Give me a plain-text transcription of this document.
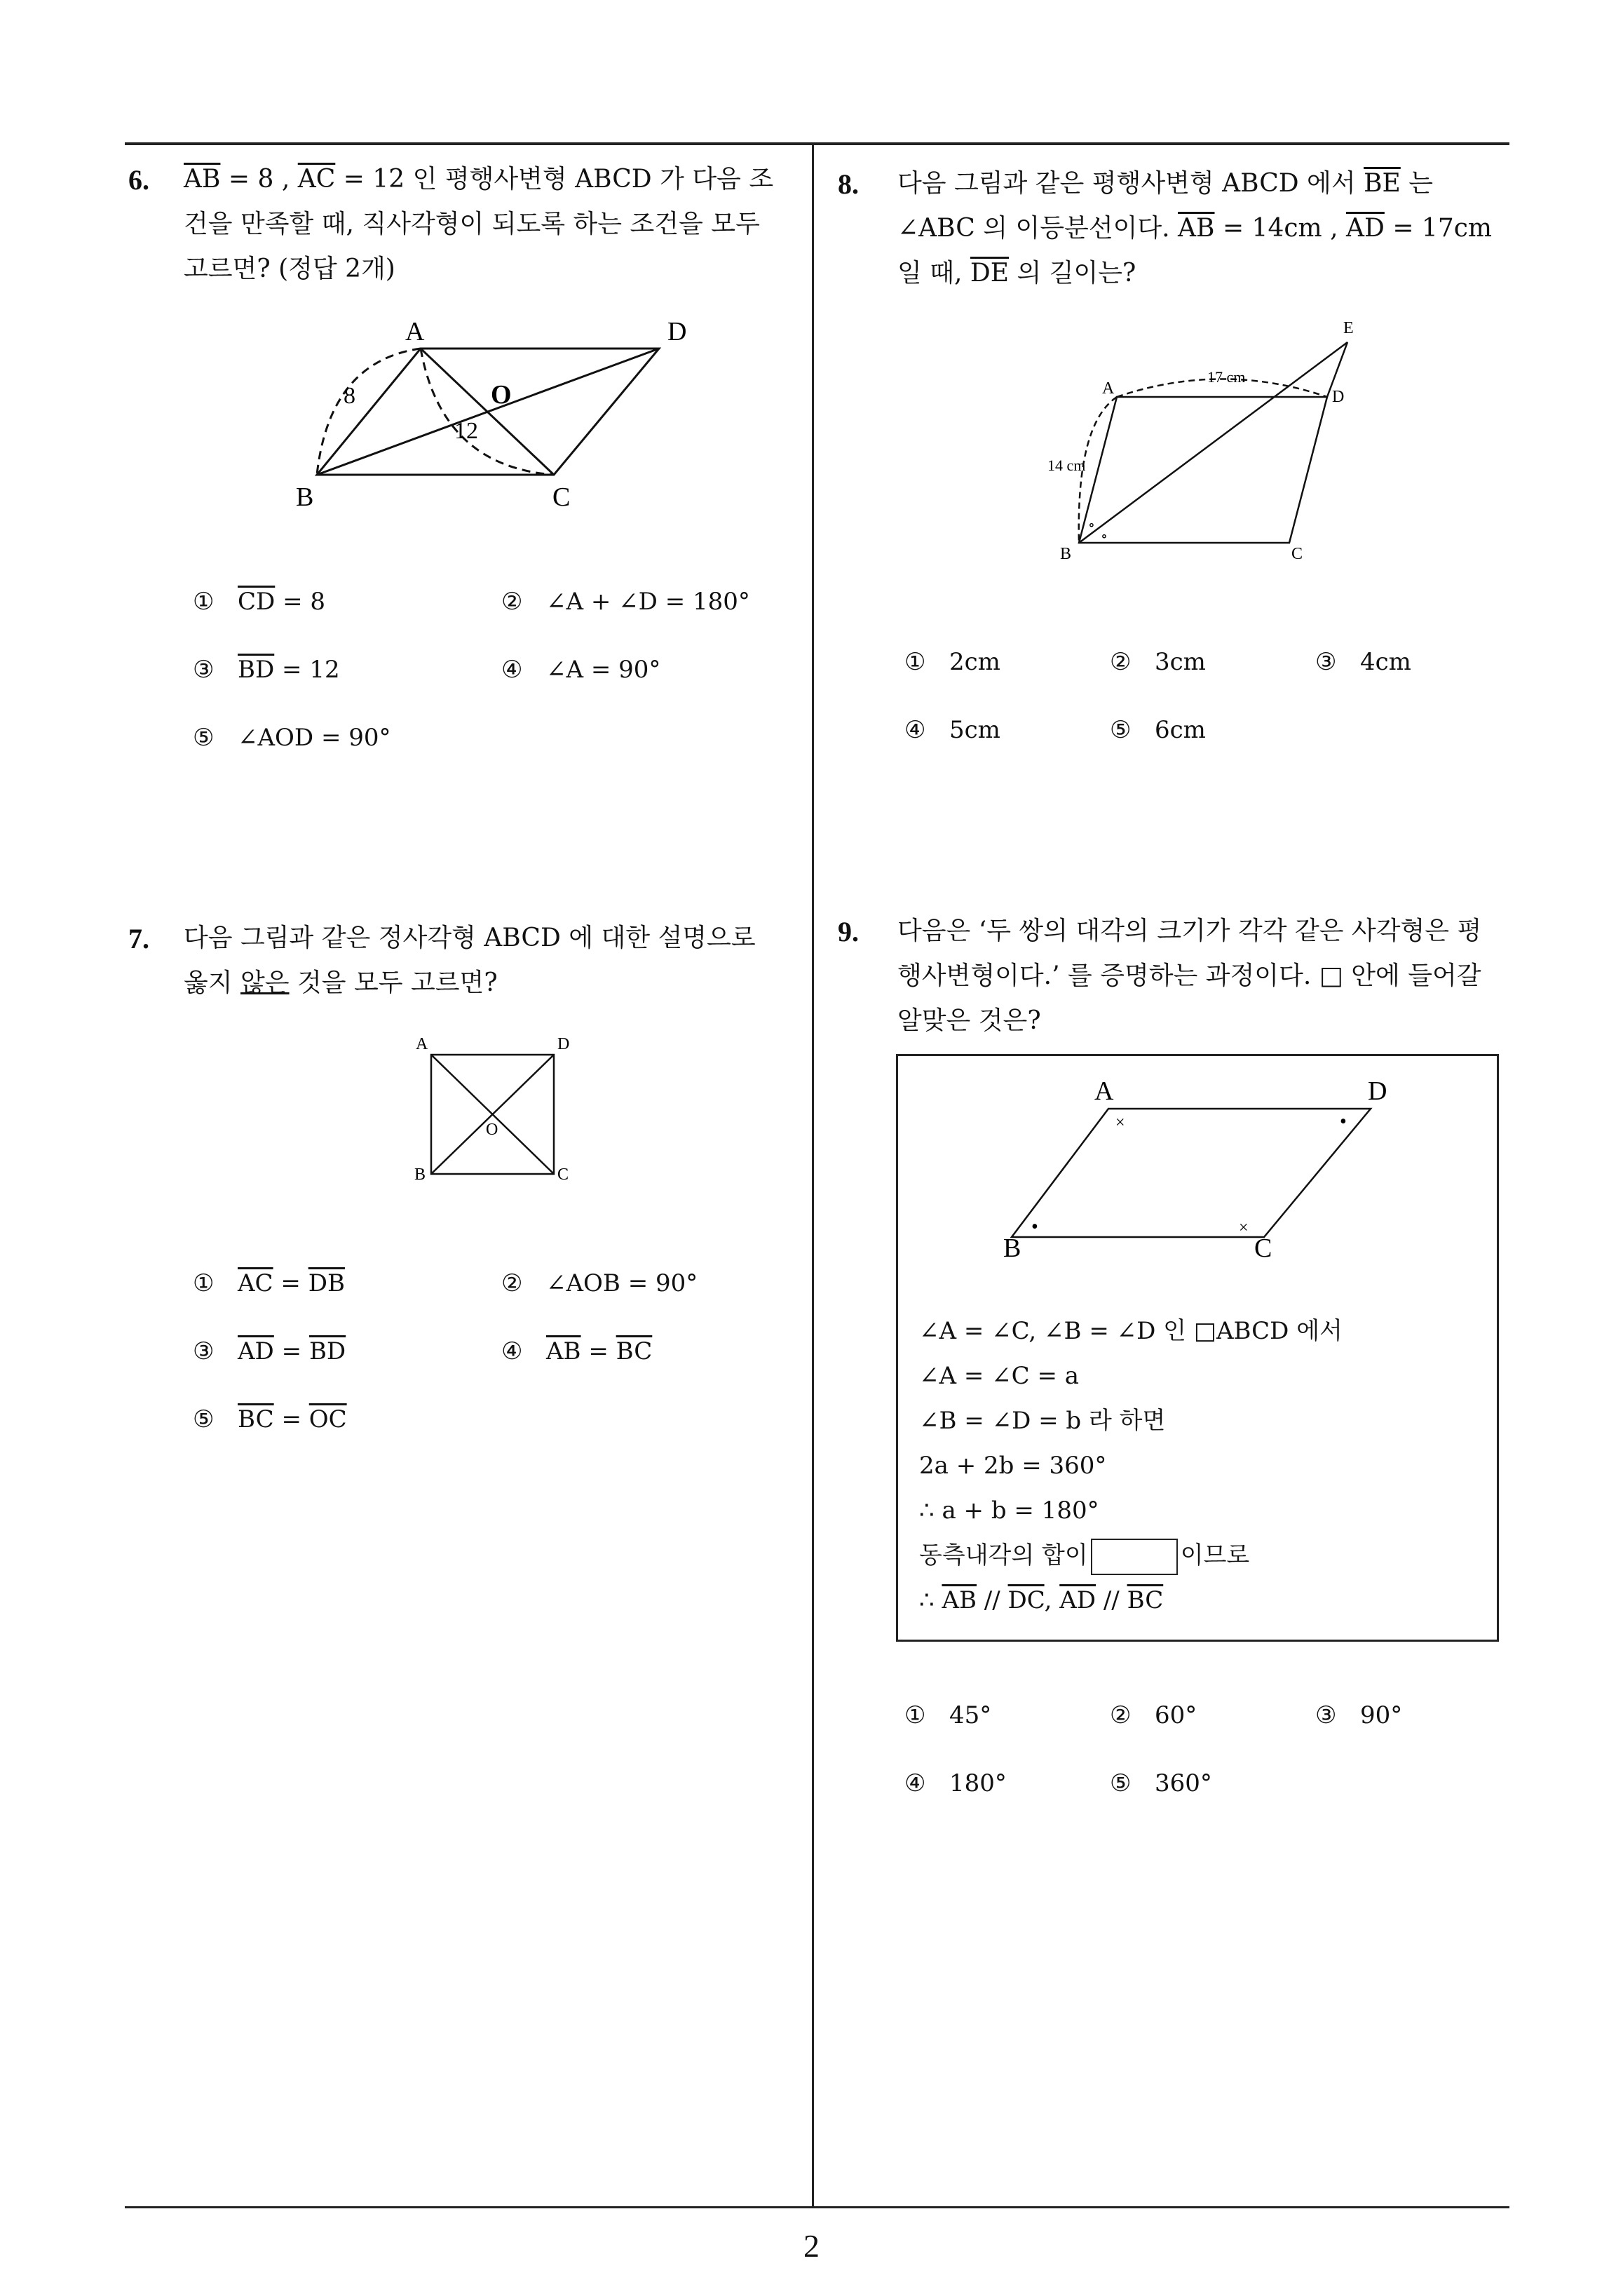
6. $\overline{AB} = 8$ , $\overline{AC} = 12$ 인 평행사변형 ABCD 가 다음 조
건을 만족할 때, 직사각형이 되도록 하는 조건을 모두
고르면? (정답 2개)
A	D
B	C
O
8
12
① $\overline{CD} = 8$	② ∠A + ∠D = 180°
③ $\overline{BD} = 12$	④ ∠A = 90°
⑤ ∠AOD = 90°
7. 다음 그림과 같은 정사각형 ABCD 에 대한 설명으로
옳지 않은 것을 모두 고르면?
A	D
B	C
O
① $\overline{AC} = \overline{DB}$	② ∠AOB = 90°
③ $\overline{AD} = \overline{BD}$	④ $\overline{AB} = \overline{BC}$
⑤ $\overline{BC} = \overline{OC}$
8. 다음 그림과 같은 평행사변형 ABCD 에서 $\overline{BE}$ 는
∠ABC 의 이등분선이다. $\overline{AB} = 14cm$ , $\overline{AD} = 17cm$
일 때, $\overline{DE}$ 의 길이는?
E
A	D
B	C
17 cm
14 cm
∘
∘
① 2cm	② 3cm	③ 4cm
④ 5cm	⑤ 6cm
9. 다음은 ‘두 쌍의 대각의 크기가 각각 같은 사각형은 평
행사변형이다.’ 를 증명하는 과정이다. □ 안에 들어갈
알맞은 것은?
A	D
B	C
×
×
•
•
∠A = ∠C, ∠B = ∠D 인 □ABCD 에서
∠A = ∠C = a
∠B = ∠D = b 라 하면
2a + 2b = 360°
∴ a + b = 180°
동측내각의 합이	이므로
∴ $\overline{AB} // \overline{DC}$, $\overline{AD} // \overline{BC}$
① 45°	② 60°	③ 90°
④ 180°	⑤ 360°
2
